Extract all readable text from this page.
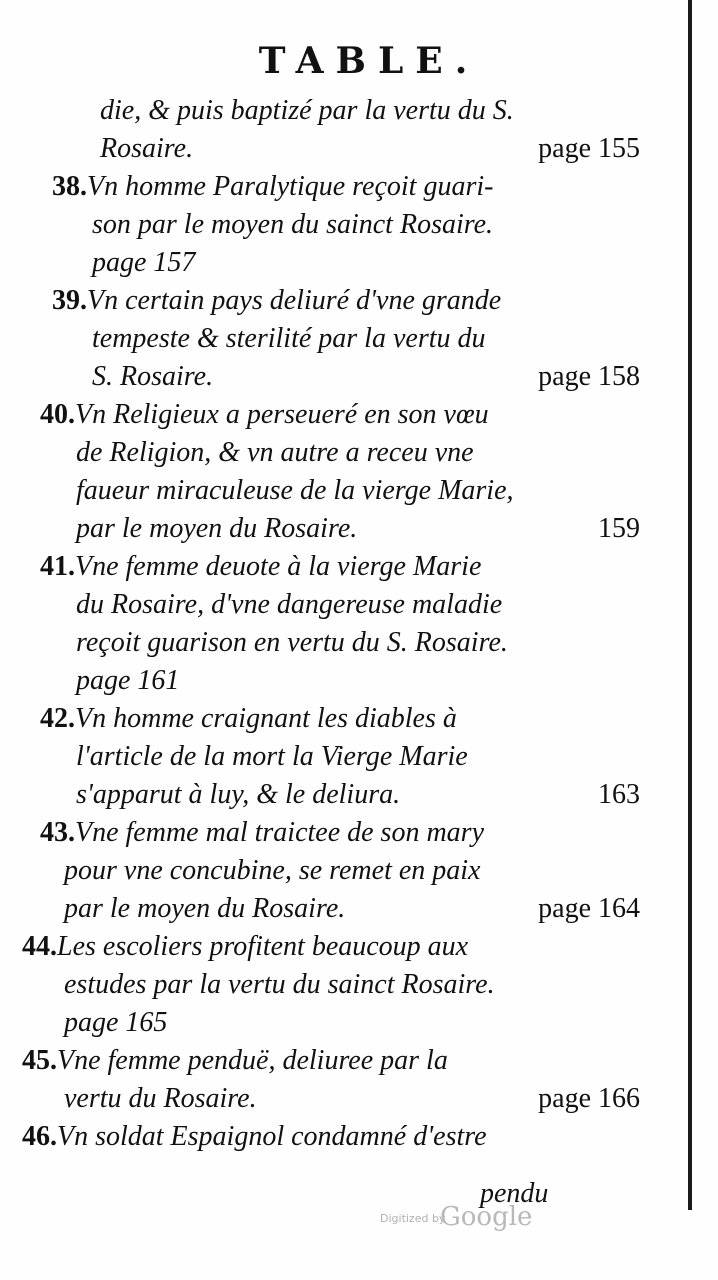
TABLE.
die, & puis baptizé par la vertu du S.
Rosaire.	page 155
38.Vn homme Paralytique reçoit guari-
son par le moyen du sainct Rosaire.
page 157
39.Vn certain pays deliuré d'vne grande
tempeste & sterilité par la vertu du
S. Rosaire.	page 158
40.Vn Religieux a perseueré en son vœu
de Religion, & vn autre a receu vne
faueur miraculeuse de la vierge Marie,
par le moyen du Rosaire.	159
41.Vne femme deuote à la vierge Marie
du Rosaire, d'vne dangereuse maladie
reçoit guarison en vertu du S. Rosaire.
page 161
42.Vn homme craignant les diables à
l'article de la mort la Vierge Marie
s'apparut à luy, & le deliura.	163
43.Vne femme mal traictee de son mary
pour vne concubine, se remet en paix
par le moyen du Rosaire.	page 164
44.Les escoliers profitent beaucoup aux
estudes par la vertu du sainct Rosaire.
page 165
45.Vne femme penduë, deliuree par la
vertu du Rosaire.	page 166
46.Vn soldat Espaignol condamné d'estre
pendu
Digitized by
Google
